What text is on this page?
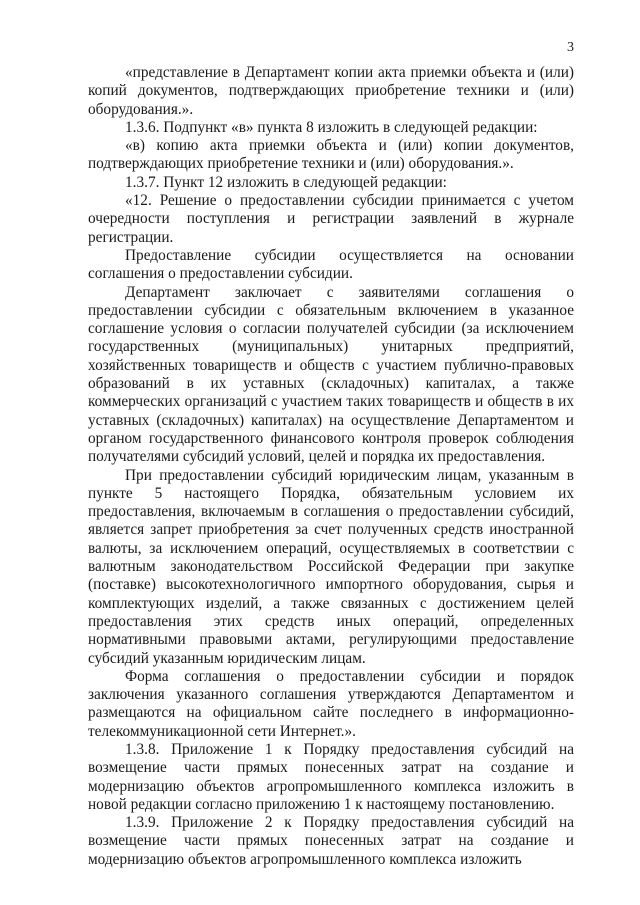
3

«представление в Департамент копии акта приемки объекта и (или) копий документов, подтверждающих приобретение техники и (или) оборудования.».

1.3.6. Подпункт «в» пункта 8 изложить в следующей редакции:

«в) копию акта приемки объекта и (или) копии документов, подтверждающих приобретение техники и (или) оборудования.».

1.3.7. Пункт 12 изложить в следующей редакции:

«12. Решение о предоставлении субсидии принимается с учетом очередности поступления и регистрации заявлений в журнале регистрации.

Предоставление субсидии осуществляется на основании соглашения о предоставлении субсидии.

Департамент заключает с заявителями соглашения о предоставлении субсидии с обязательным включением в указанное соглашение условия о согласии получателей субсидии (за исключением государственных (муниципальных) унитарных предприятий, хозяйственных товариществ и обществ с участием публично-правовых образований в их уставных (складочных) капиталах, а также коммерческих организаций с участием таких товариществ и обществ в их уставных (складочных) капиталах) на осуществление Департаментом и органом государственного финансового контроля проверок соблюдения получателями субсидий условий, целей и порядка их предоставления.

При предоставлении субсидий юридическим лицам, указанным в пункте 5 настоящего Порядка, обязательным условием их предоставления, включаемым в соглашения о предоставлении субсидий, является запрет приобретения за счет полученных средств иностранной валюты, за исключением операций, осуществляемых в соответствии с валютным законодательством Российской Федерации при закупке (поставке) высокотехнологичного импортного оборудования, сырья и комплектующих изделий, а также связанных с достижением целей предоставления этих средств иных операций, определенных нормативными правовыми актами, регулирующими предоставление субсидий указанным юридическим лицам.

Форма соглашения о предоставлении субсидии и порядок заключения указанного соглашения утверждаются Департаментом и размещаются на официальном сайте последнего в информационно-телекоммуникационной сети Интернет.».

1.3.8. Приложение 1 к Порядку предоставления субсидий на возмещение части прямых понесенных затрат на создание и модернизацию объектов агропромышленного комплекса изложить в новой редакции согласно приложению 1 к настоящему постановлению.

1.3.9. Приложение 2 к Порядку предоставления субсидий на возмещение части прямых понесенных затрат на создание и модернизацию объектов агропромышленного комплекса изложить
